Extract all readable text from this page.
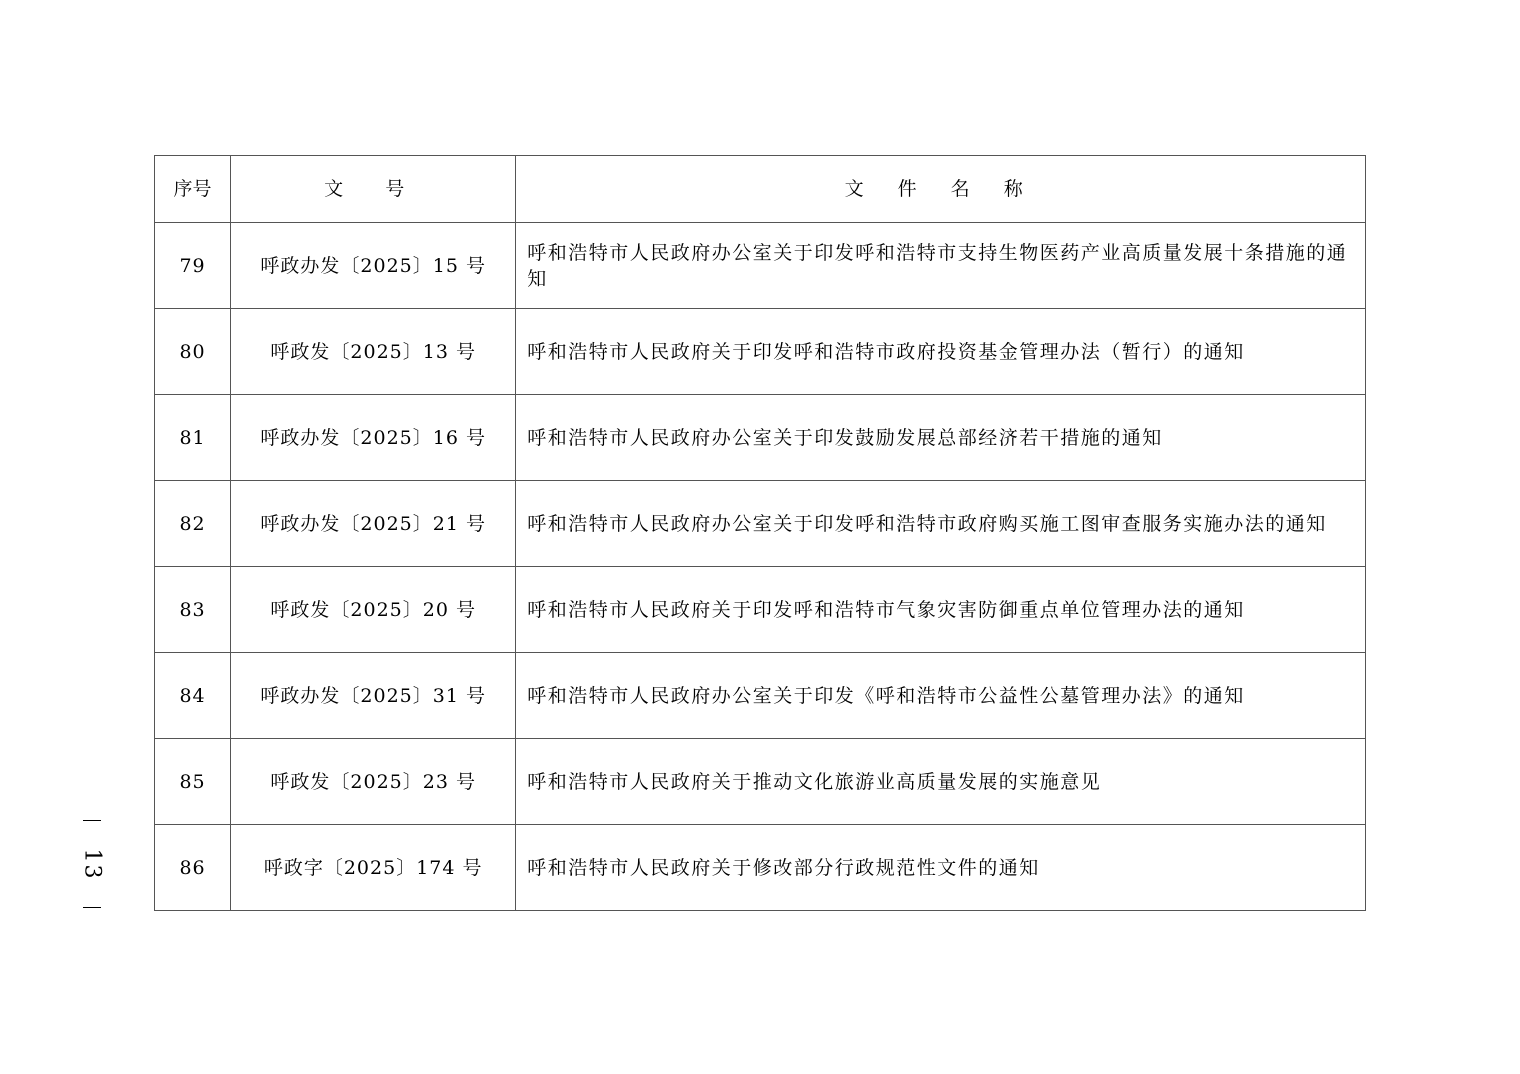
序号	文 号	文 件 名 称
79	呼政办发〔2025〕15 号	呼和浩特市人民政府办公室关于印发呼和浩特市支持生物医药产业高质量发展十条措施的通知
80	呼政发〔2025〕13 号	呼和浩特市人民政府关于印发呼和浩特市政府投资基金管理办法（暂行）的通知
81	呼政办发〔2025〕16 号	呼和浩特市人民政府办公室关于印发鼓励发展总部经济若干措施的通知
82	呼政办发〔2025〕21 号	呼和浩特市人民政府办公室关于印发呼和浩特市政府购买施工图审查服务实施办法的通知
83	呼政发〔2025〕20 号	呼和浩特市人民政府关于印发呼和浩特市气象灾害防御重点单位管理办法的通知
84	呼政办发〔2025〕31 号	呼和浩特市人民政府办公室关于印发《呼和浩特市公益性公墓管理办法》的通知
85	呼政发〔2025〕23 号	呼和浩特市人民政府关于推动文化旅游业高质量发展的实施意见
86	呼政字〔2025〕174 号	呼和浩特市人民政府关于修改部分行政规范性文件的通知
13
